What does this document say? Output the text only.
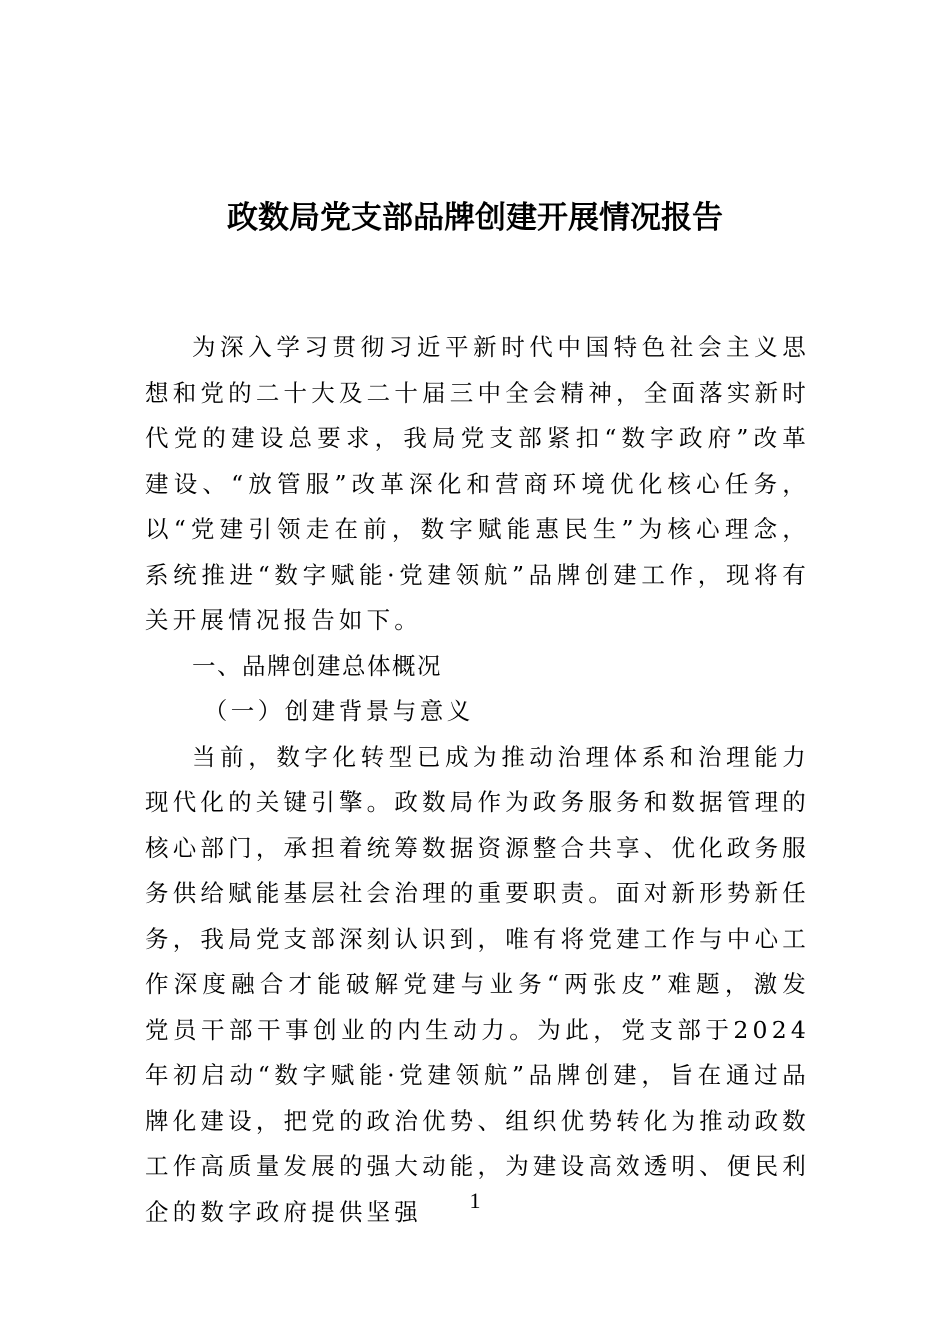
政数局党支部品牌创建开展情况报告

为深入学习贯彻习近平新时代中国特色社会主义思想和党的二十大及二十届三中全会精神，全面落实新时代党的建设总要求，我局党支部紧扣“数字政府”改革建设、“放管服”改革深化和营商环境优化核心任务，以“党建引领走在前，数字赋能惠民生”为核心理念，系统推进“数字赋能·党建领航”品牌创建工作，现将有关开展情况报告如下。

一、品牌创建总体概况

（一）创建背景与意义

当前，数字化转型已成为推动治理体系和治理能力现代化的关键引擎。政数局作为政务服务和数据管理的核心部门，承担着统筹数据资源整合共享、优化政务服务供给赋能基层社会治理的重要职责。面对新形势新任务，我局党支部深刻认识到，唯有将党建工作与中心工作深度融合才能破解党建与业务“两张皮”难题，激发党员干部干事创业的内生动力。为此，党支部于2024年初启动“数字赋能·党建领航”品牌创建，旨在通过品牌化建设，把党的政治优势、组织优势转化为推动政数工作高质量发展的强大动能，为建设高效透明、便民利企的数字政府提供坚强	1
